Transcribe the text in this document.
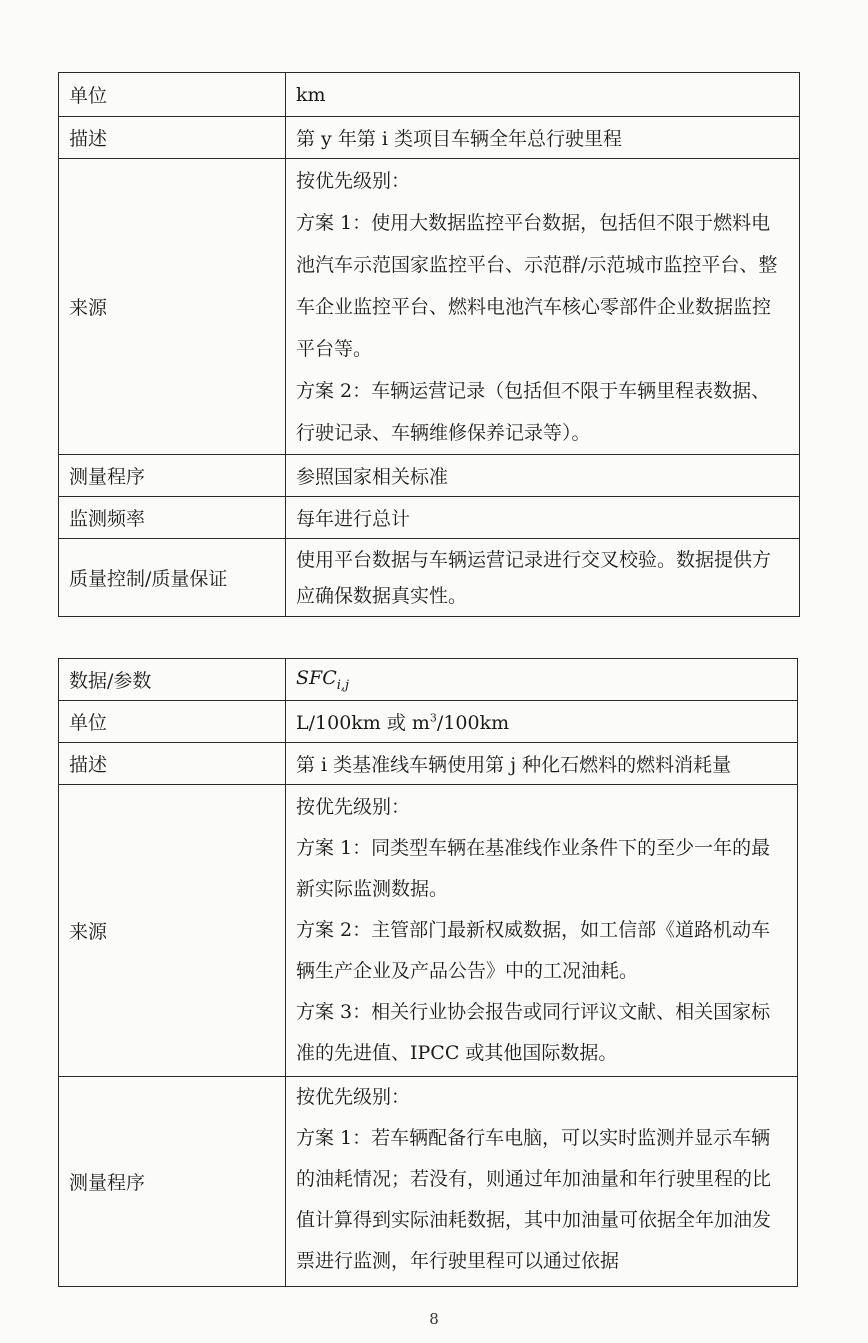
单位	km
描述	第 y 年第 i 类项目车辆全年总行驶里程
来源	按优先级别：

方案 1：使用大数据监控平台数据，包括但不限于燃料电池汽车示范国家监控平台、示范群/示范城市监控平台、整车企业监控平台、燃料电池汽车核心零部件企业数据监控平台等。

方案 2：车辆运营记录（包括但不限于车辆里程表数据、行驶记录、车辆维修保养记录等）。

测量程序	参照国家相关标准
监测频率	每年进行总计
质量控制/质量保证	使用平台数据与车辆运营记录进行交叉校验。数据提供方应确保数据真实性。

数据/参数	$SFC_{i,j}$
单位	L/100km 或 $m^3/100km$
描述	第 i 类基准线车辆使用第 j 种化石燃料的燃料消耗量
来源	按优先级别：

方案 1：同类型车辆在基准线作业条件下的至少一年的最新实际监测数据。

方案 2：主管部门最新权威数据，如工信部《道路机动车辆生产企业及产品公告》中的工况油耗。

方案 3：相关行业协会报告或同行评议文献、相关国家标准的先进值、IPCC 或其他国际数据。

测量程序	按优先级别：

方案 1：若车辆配备行车电脑，可以实时监测并显示车辆的油耗情况；若没有，则通过年加油量和年行驶里程的比值计算得到实际油耗数据，其中加油量可依据全年加油发票进行监测，年行驶里程可以通过依据

8
